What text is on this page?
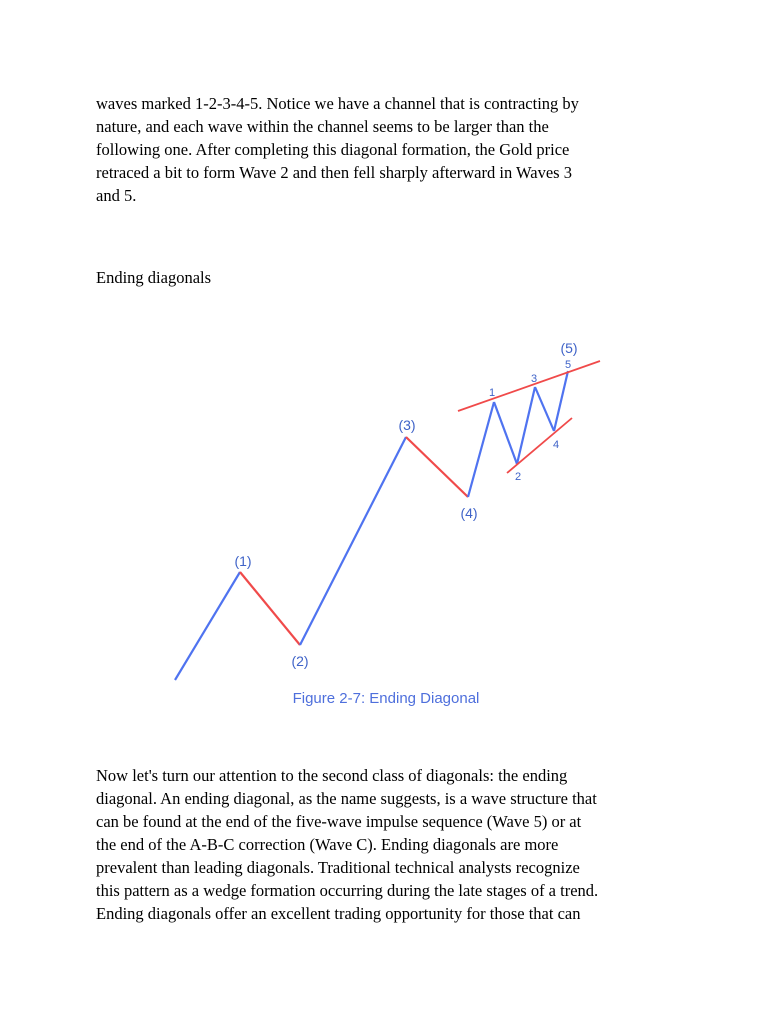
waves marked 1-2-3-4-5. Notice we have a channel that is contracting by
nature, and each wave within the channel seems to be larger than the
following one. After completing this diagonal formation, the Gold price
retraced a bit to form Wave 2 and then fell sharply afterward in Waves 3
and 5.

Ending diagonals

(1)
(2)
(3)
(4)
(5)
1
2
3
4
5
Figure 2-7: Ending Diagonal

Now let's turn our attention to the second class of diagonals: the ending
diagonal. An ending diagonal, as the name suggests, is a wave structure that
can be found at the end of the five-wave impulse sequence (Wave 5) or at
the end of the A-B-C correction (Wave C). Ending diagonals are more
prevalent than leading diagonals. Traditional technical analysts recognize
this pattern as a wedge formation occurring during the late stages of a trend.
Ending diagonals offer an excellent trading opportunity for those that can
